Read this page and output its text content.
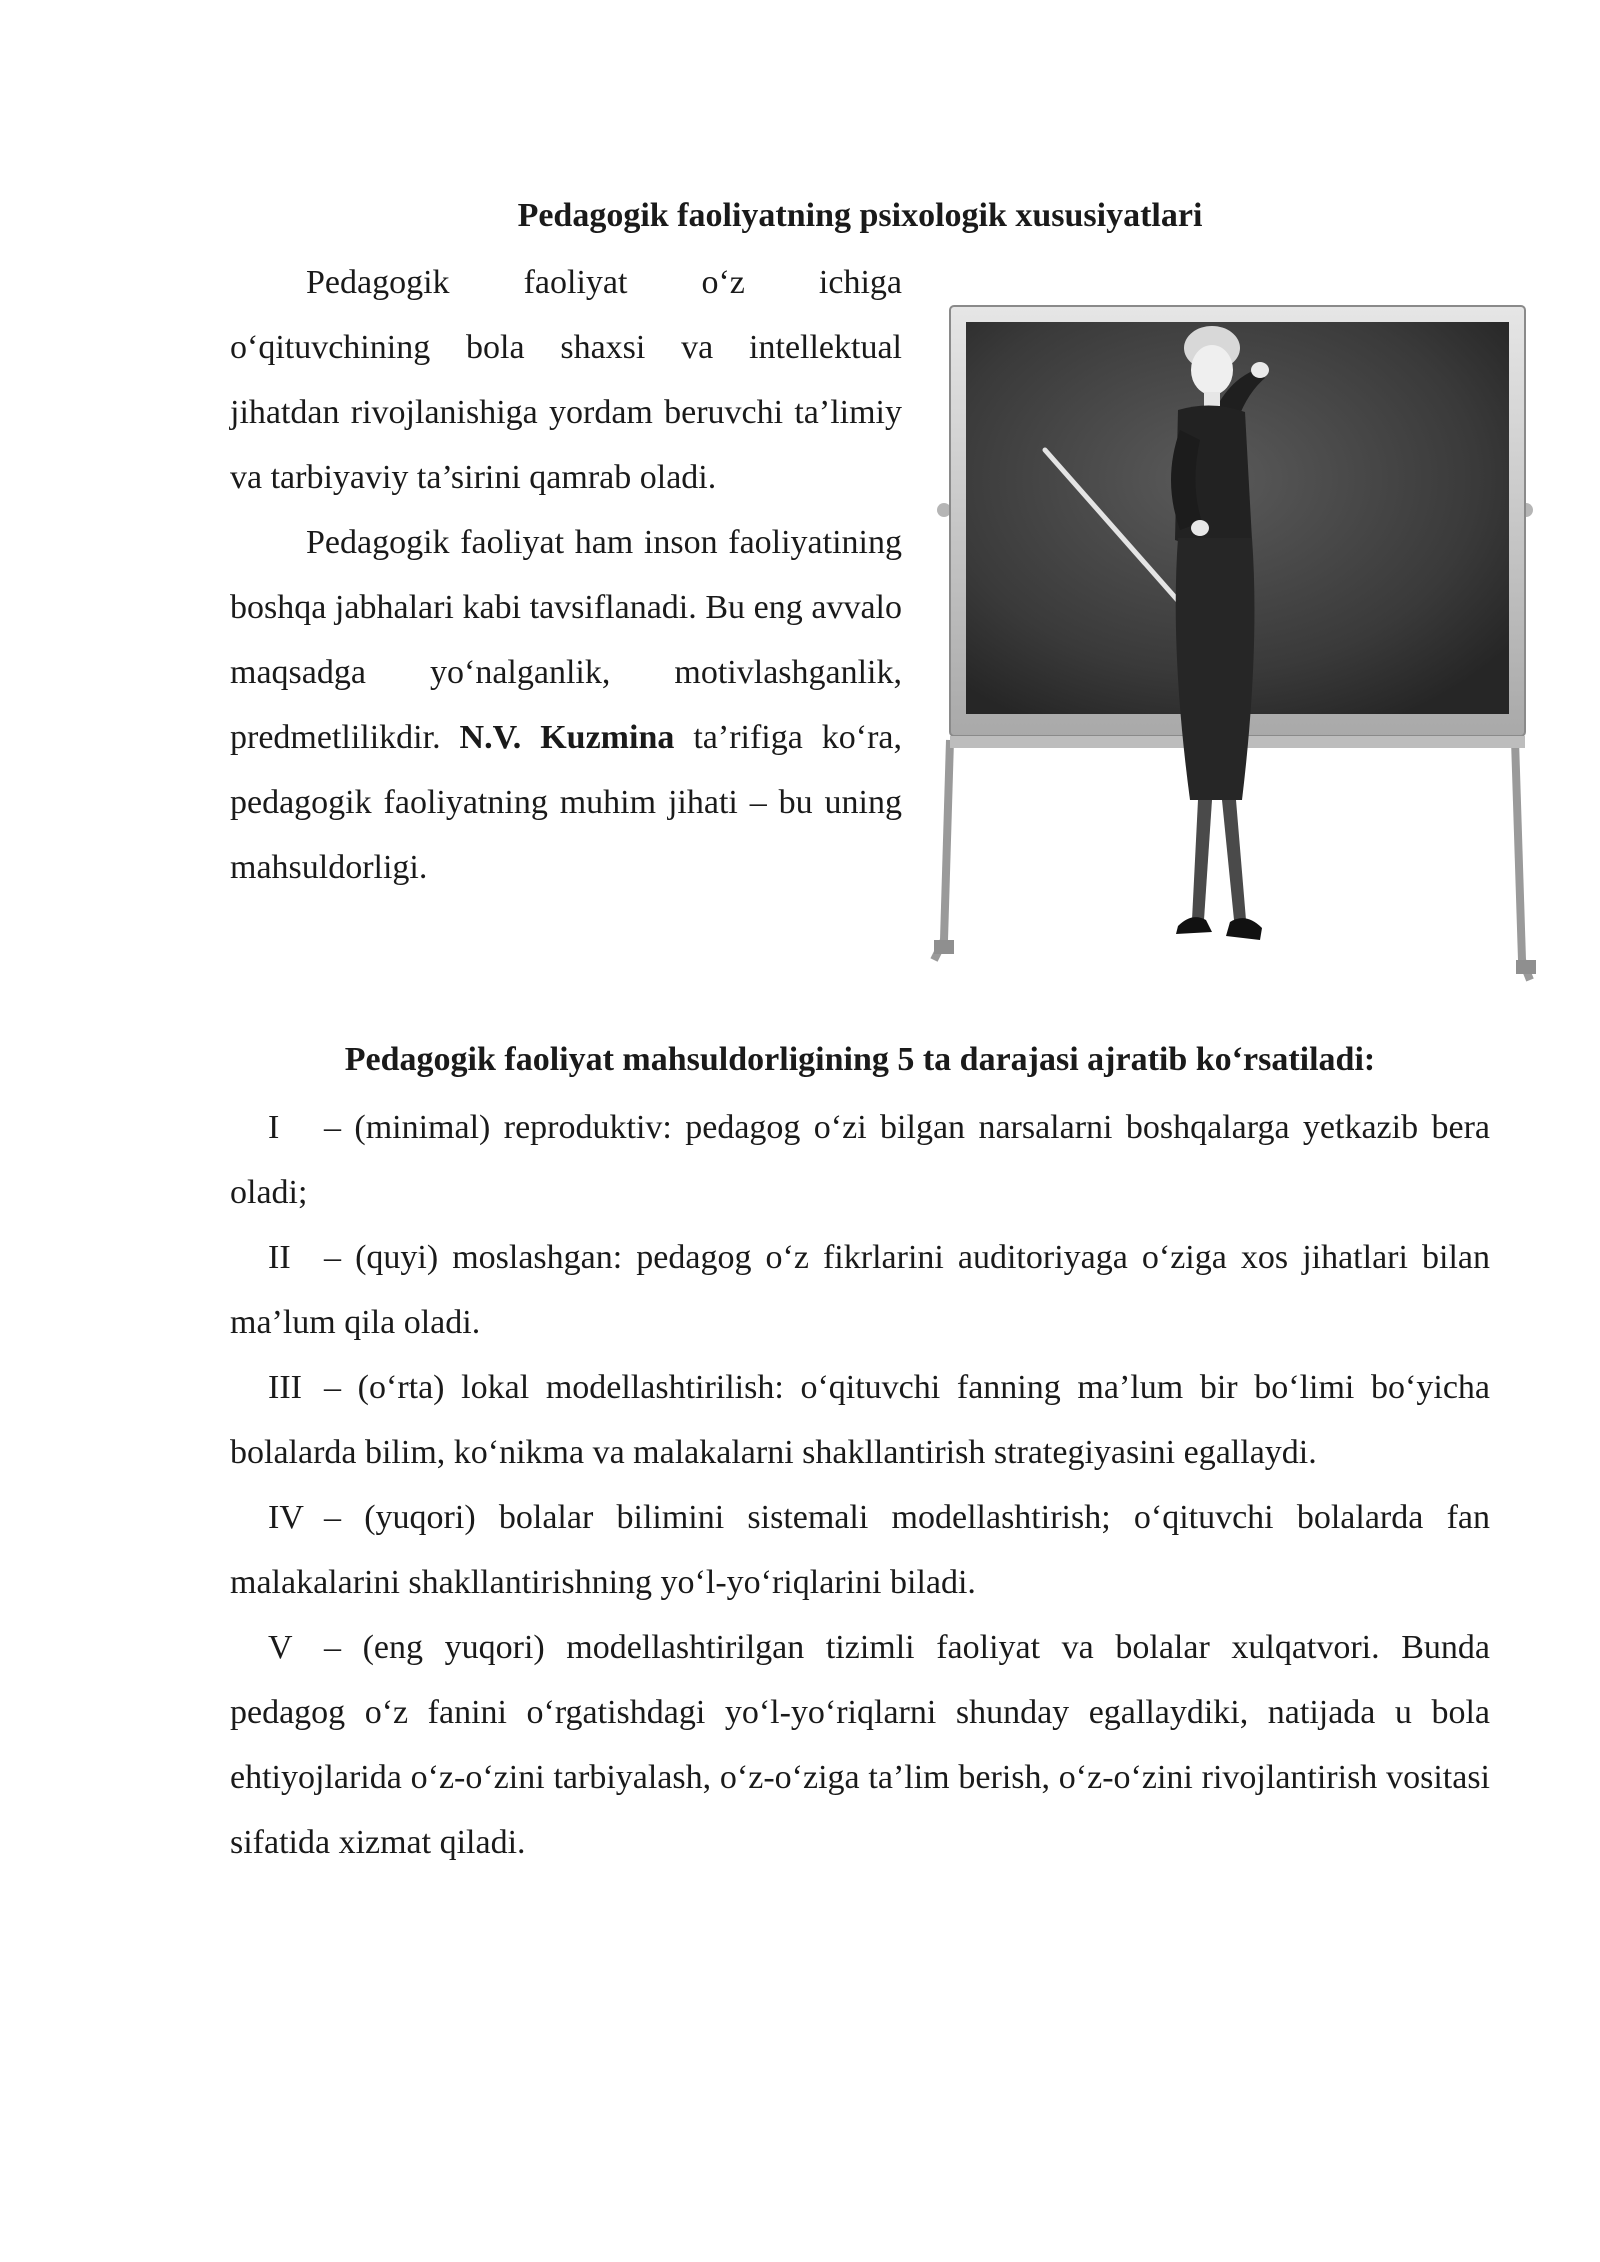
Pedagogik faoliyatning psixologik xususiyatlari

Pedagogik faoliyat o‘z ichiga o‘qituvchining bola shaxsi va intellektual jihatdan rivojlanishiga yordam beruvchi ta’limiy va tarbiyaviy ta’sirini qamrab oladi.

Pedagogik faoliyat ham inson faoliyatining boshqa jabhalari kabi tavsiflanadi. Bu eng avvalo maqsadga yo‘nalganlik, motivlashganlik, predmetlilikdir. N.V. Kuzmina ta’rifiga ko‘ra, pedagogik faoliyatning muhim jihati – bu uning mahsuldorligi.

Pedagogik faoliyat mahsuldorligining 5 ta darajasi ajratib ko‘rsatiladi:

I – (minimal) reproduktiv: pedagog o‘zi bilgan narsalarni boshqalarga yetkazib bera oladi;

II – (quyi) moslashgan: pedagog o‘z fikrlarini auditoriyaga o‘ziga xos jihatlari bilan ma’lum qila oladi.

III – (o‘rta) lokal modellashtirilish: o‘qituvchi fanning ma’lum bir bo‘limi bo‘yicha bolalarda bilim, ko‘nikma va malakalarni shakllantirish strategiyasini egallaydi.

IV – (yuqori) bolalar bilimini sistemali modellashtirish; o‘qituvchi bolalarda fan malakalarini shakllantirishning yo‘l-yo‘riqlarini biladi.

V – (eng yuqori) modellashtirilgan tizimli faoliyat va bolalar xulqatvori. Bunda pedagog o‘z fanini o‘rgatishdagi yo‘l-yo‘riqlarni shunday egallaydiki, natijada u bola ehtiyojlarida o‘z-o‘zini tarbiyalash, o‘z-o‘ziga ta’lim berish, o‘z-o‘zini rivojlantirish vositasi sifatida xizmat qiladi.
